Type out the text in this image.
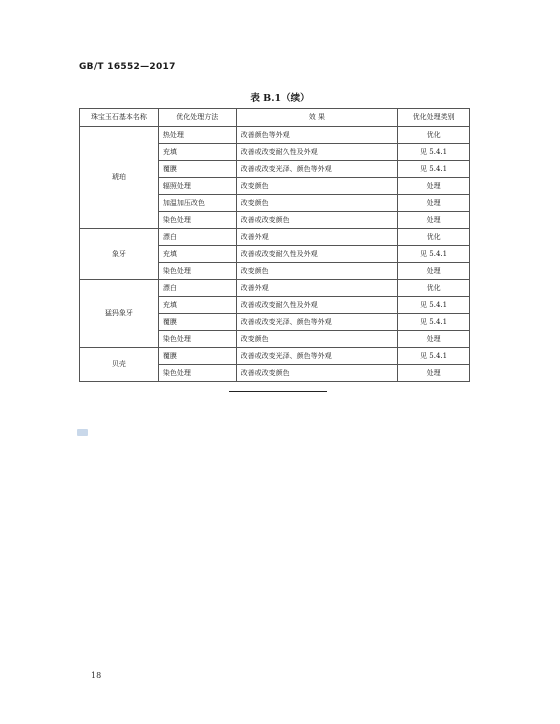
GB/T 16552—2017
表 B.1（续）
珠宝玉石基本名称	优化处理方法	效 果	优化处理类别
琥珀	热处理	改善颜色等外观	优化
	充填	改善或改变耐久性及外观	见 5.4.1
	覆膜	改善或改变光泽、颜色等外观	见 5.4.1
	辐照处理	改变颜色	处理
	加温加压改色	改变颜色	处理
	染色处理	改善或改变颜色	处理
象牙	漂白	改善外观	优化
	充填	改善或改变耐久性及外观	见 5.4.1
	染色处理	改变颜色	处理
猛犸象牙	漂白	改善外观	优化
	充填	改善或改变耐久性及外观	见 5.4.1
	覆膜	改善或改变光泽、颜色等外观	见 5.4.1
	染色处理	改变颜色	处理
贝壳	覆膜	改善或改变光泽、颜色等外观	见 5.4.1
	染色处理	改善或改变颜色	处理
18
